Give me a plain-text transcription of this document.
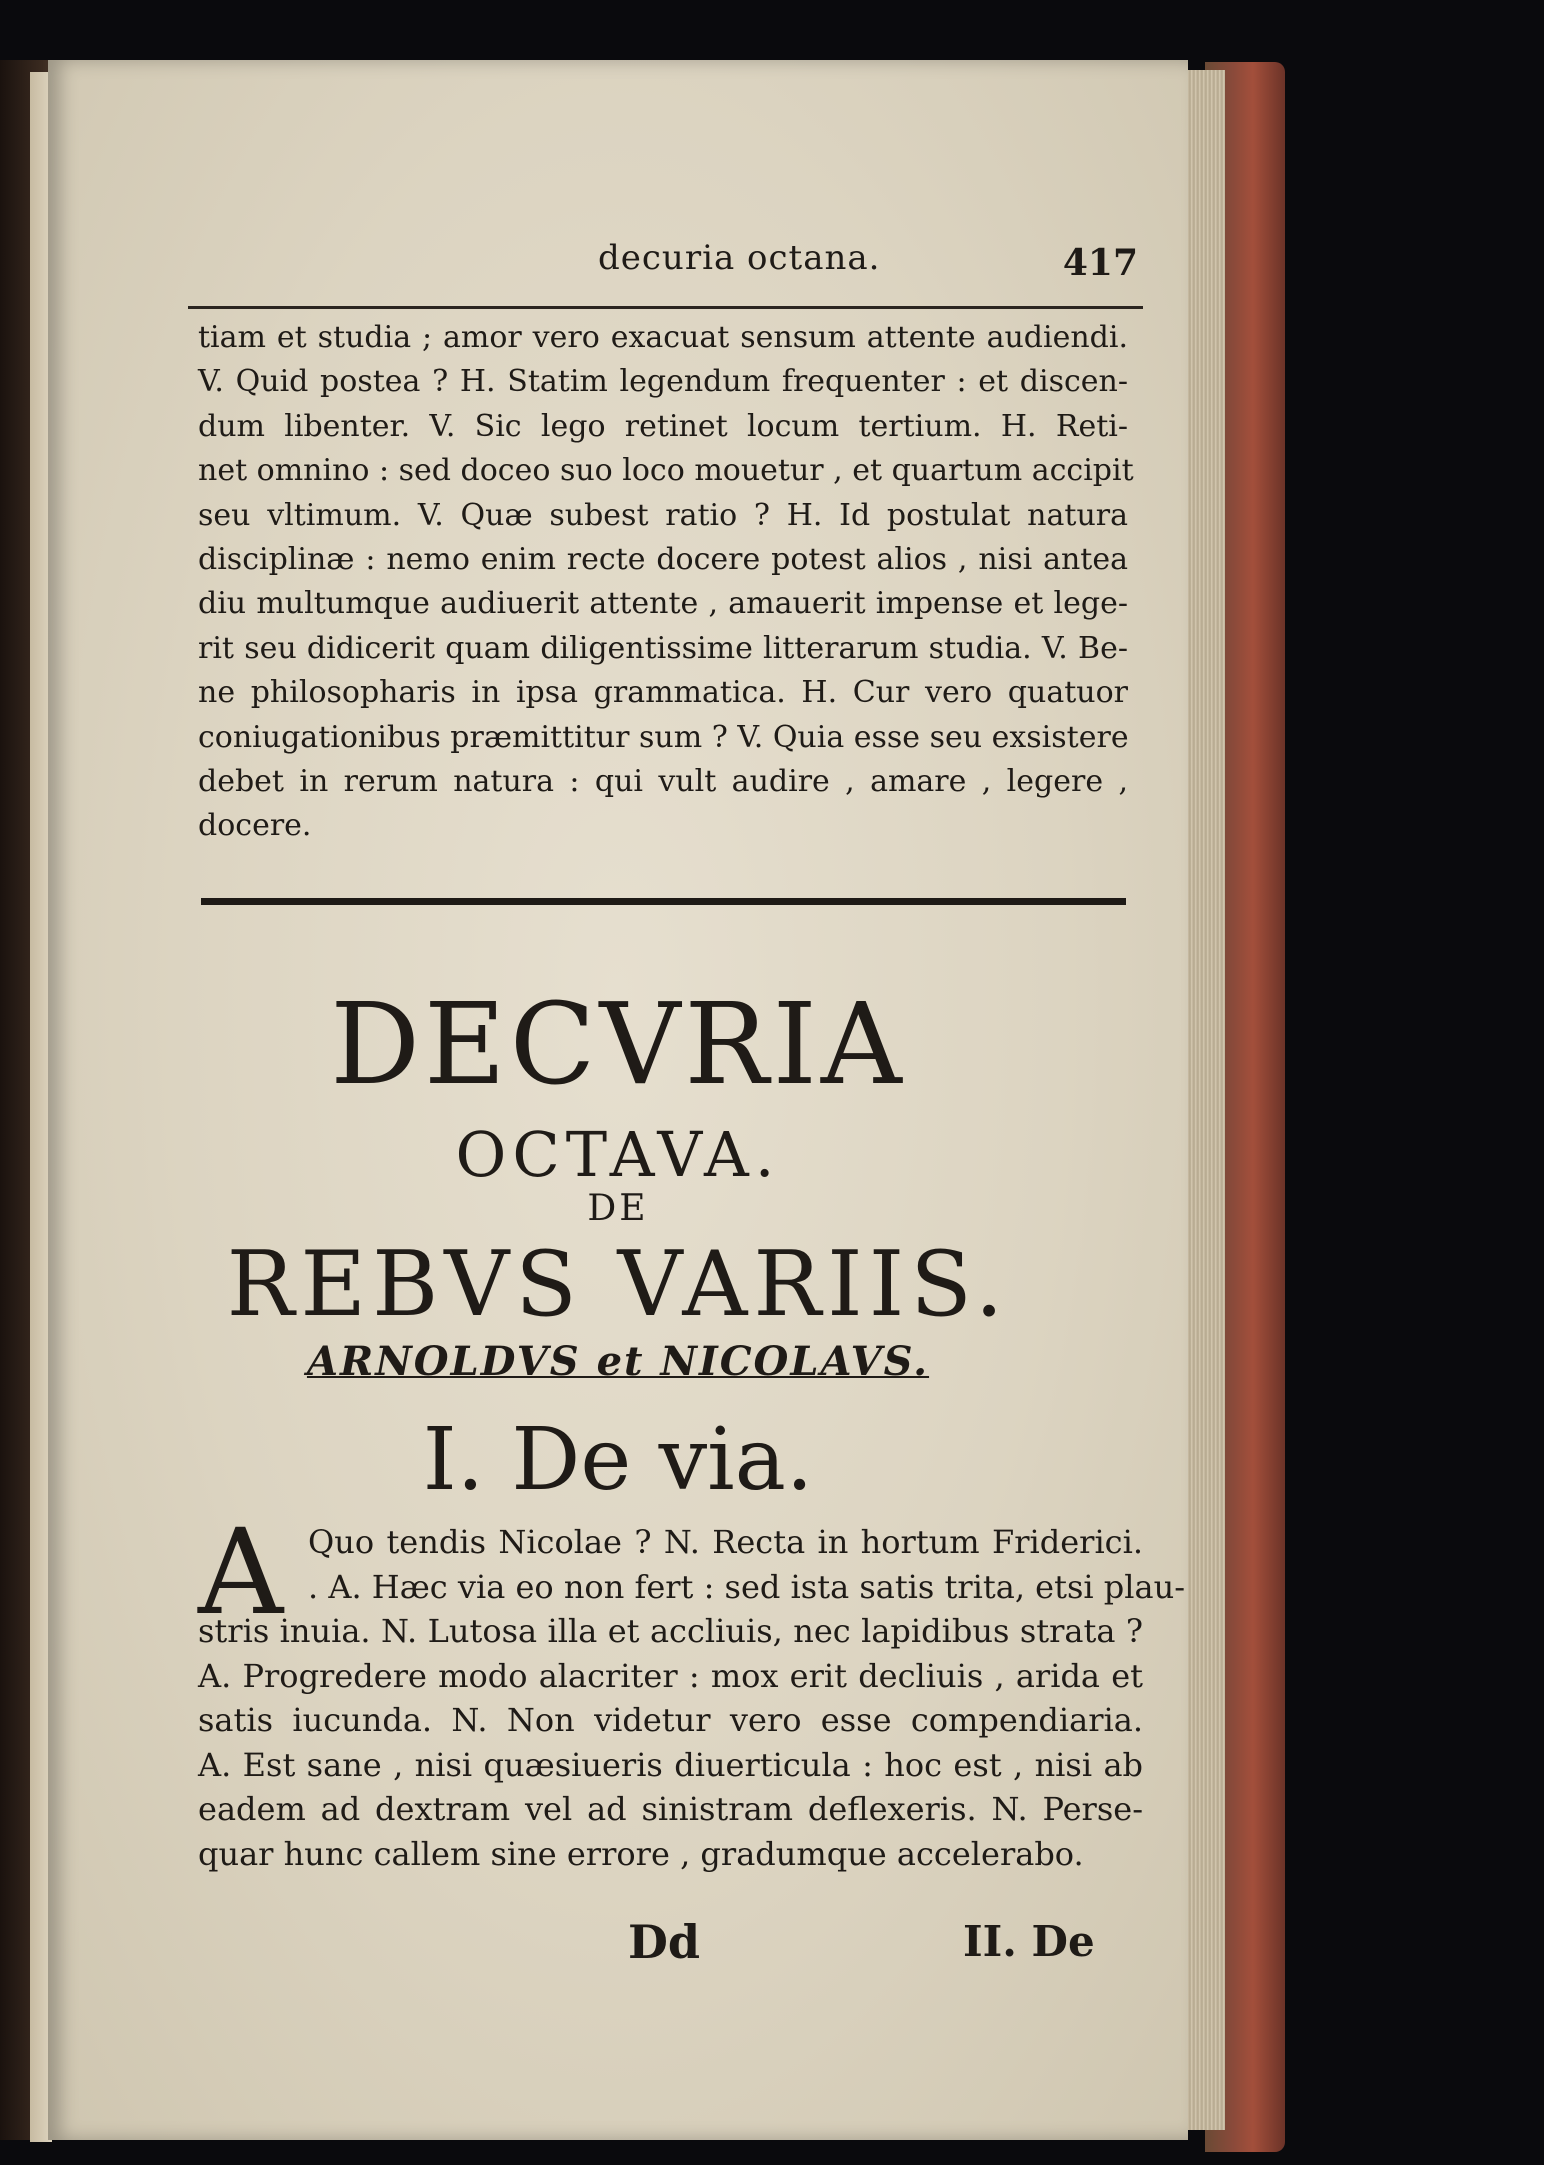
decuria octana.	417
tiam et studia ; amor vero exacuat sensum attente audiendi.
V. Quid postea ? H. Statim legendum frequenter : et discen-
dum libenter. V. Sic lego retinet locum tertium. H. Reti-
net omnino : sed doceo suo loco mouetur , et quartum accipit
seu vltimum. V. Quæ subest ratio ? H. Id postulat natura
disciplinæ : nemo enim recte docere potest alios , nisi antea
diu multumque audiuerit attente , amauerit impense et lege-
rit seu didicerit quam diligentissime litterarum studia. V. Be-
ne philosopharis in ipsa grammatica. H. Cur vero quatuor
coniugationibus præmittitur sum ? V. Quia esse seu exsistere
debet in rerum natura : qui vult audire , amare , legere ,
docere.
DECVRIA
OCTAVA.
DE
REBVS VARIIS.
ARNOLDVS et NICOLAVS.
I. De via.
A Quo tendis Nicolae ? N. Recta in hortum Friderici.
. A. Hæc via eo non fert : sed ista satis trita, etsi plau-
stris inuia. N. Lutosa illa et accliuis, nec lapidibus strata ?
A. Progredere modo alacriter : mox erit decliuis , arida et
satis iucunda. N. Non videtur vero esse compendiaria.
A. Est sane , nisi quæsiueris diuerticula : hoc est , nisi ab
eadem ad dextram vel ad sinistram deflexeris. N. Perse-
quar hunc callem sine errore , gradumque accelerabo.
Dd	II. De
